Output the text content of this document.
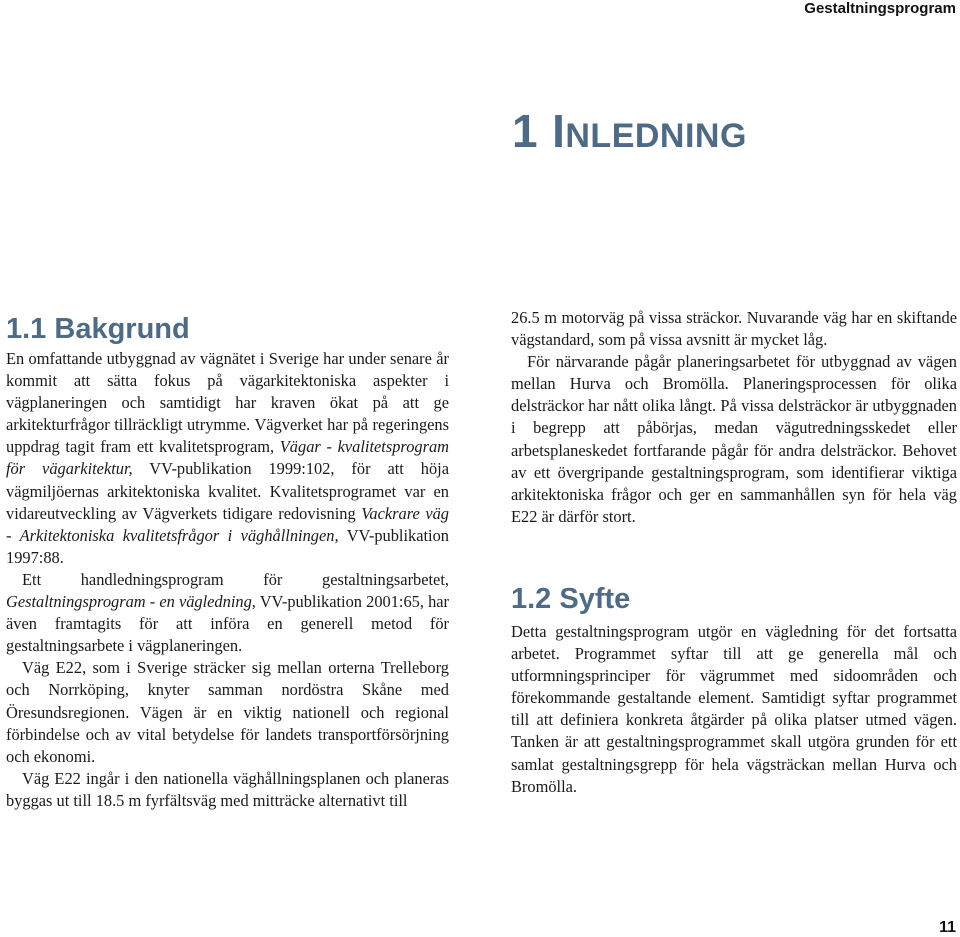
Gestaltningsprogram
1 INLEDNING
1.1 Bakgrund

En omfattande utbyggnad av vägnätet i Sverige har under senare år kommit att sätta fokus på vägarkitektoniska aspekter i vägplaneringen och samtidigt har kraven ökat på att ge arkitekturfrågor tillräckligt utrymme. Vägverket har på regeringens uppdrag tagit fram ett kvalitetsprogram, Vägar - kvalitetsprogram för vägarkitektur, VV-publikation 1999:102, för att höja vägmiljöernas arkitektoniska kvalitet. Kvalitetsprogramet var en vidareutveckling av Vägverkets tidigare redovisning Vackrare väg - Arkitektoniska kvalitetsfrågor i väghållningen, VV-publikation 1997:88.

Ett handledningsprogram för gestaltningsarbetet, Gestaltningsprogram - en vägledning, VV-publikation 2001:65, har även framtagits för att införa en generell metod för gestaltningsarbete i vägplaneringen.

Väg E22, som i Sverige sträcker sig mellan orterna Trelleborg och Norrköping, knyter samman nordöstra Skåne med Öresundsregionen. Vägen är en viktig nationell och regional förbindelse och av vital betydelse för landets transportförsörjning och ekonomi.

Väg E22 ingår i den nationella väghållningsplanen och planeras byggas ut till 18.5 m fyrfältsväg med mitträcke alternativt till

26.5 m motorväg på vissa sträckor. Nuvarande väg har en skiftande vägstandard, som på vissa avsnitt är mycket låg.

För närvarande pågår planeringsarbetet för utbyggnad av vägen mellan Hurva och Bromölla. Planeringsprocessen för olika delsträckor har nått olika långt. På vissa delsträckor är utbyggnaden i begrepp att påbörjas, medan vägutredningsskedet eller arbetsplaneskedet fortfarande pågår för andra delsträckor. Behovet av ett övergripande gestaltningsprogram, som identifierar viktiga arkitektoniska frågor och ger en sammanhållen syn för hela väg E22 är därför stort.

1.2 Syfte

Detta gestaltningsprogram utgör en vägledning för det fortsatta arbetet. Programmet syftar till att ge generella mål och utformningsprinciper för vägrummet med sidoområden och förekommande gestaltande element. Samtidigt syftar programmet till att definiera konkreta åtgärder på olika platser utmed vägen. Tanken är att gestaltningsprogrammet skall utgöra grunden för ett samlat gestaltningsgrepp för hela vägsträckan mellan Hurva och Bromölla.

11
